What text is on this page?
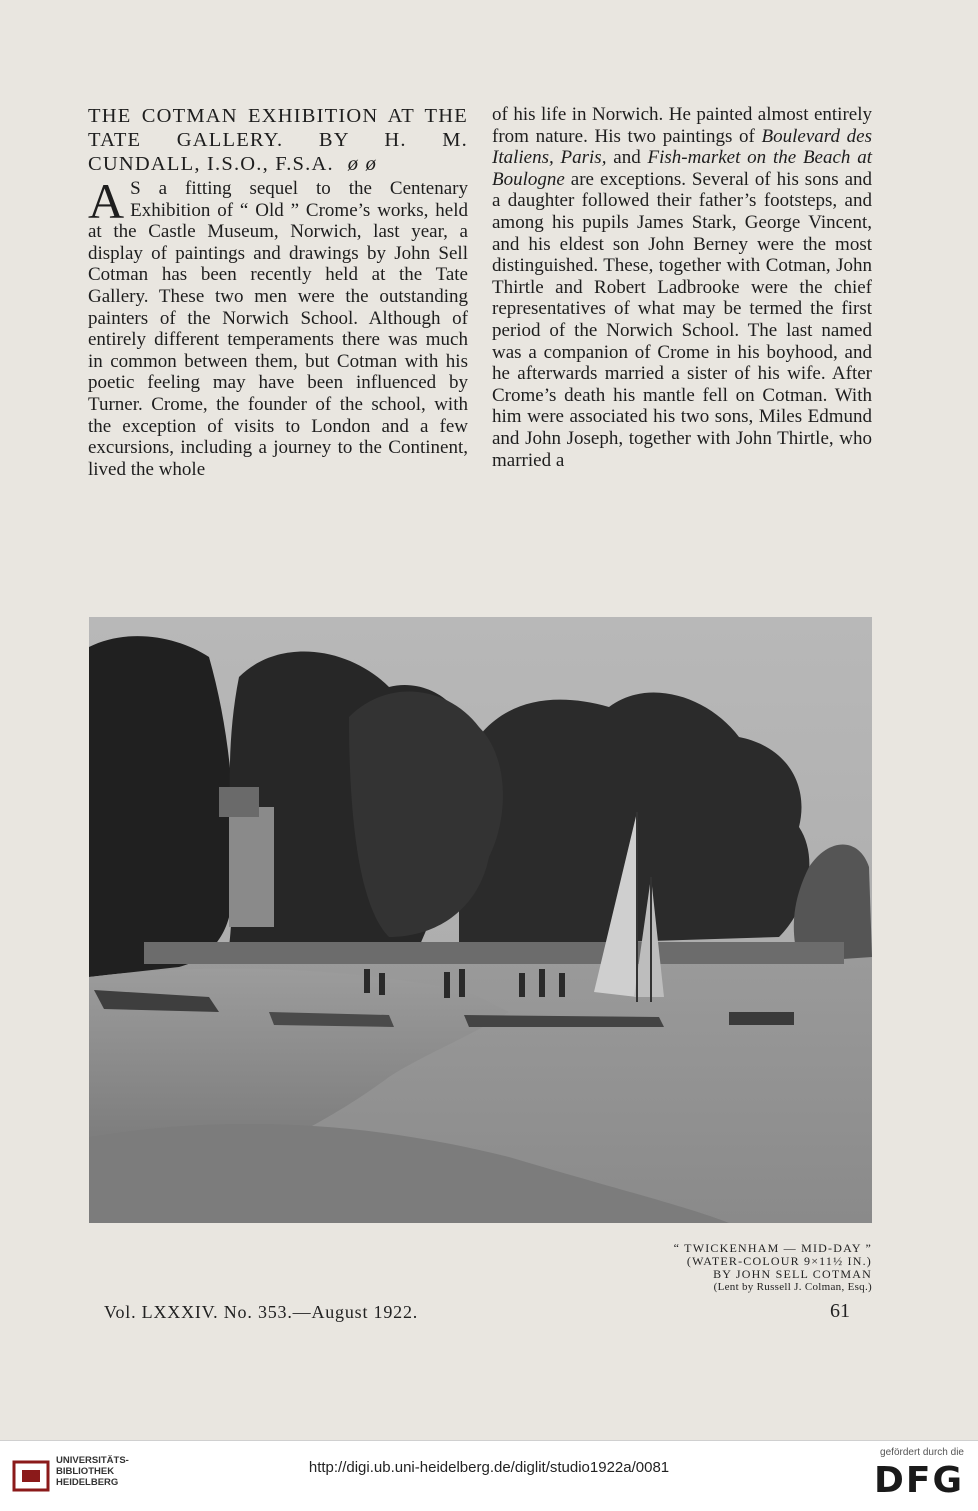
THE COTMAN EXHIBITION AT THE TATE GALLERY. BY H. M. CUNDALL, I.S.O., F.S.A. ø ø

A S a fitting sequel to the Centenary Exhibition of “ Old ” Crome’s works, held at the Castle Museum, Norwich, last year, a display of paintings and drawings by John Sell Cotman has been recently held at the Tate Gallery. These two men were the outstanding painters of the Norwich School. Although of entirely different temperaments there was much in common between them, but Cotman with his poetic feeling may have been influenced by Turner. Crome, the founder of the school, with the exception of visits to London and a few excursions, including a journey to the Continent, lived the whole

of his life in Norwich. He painted almost entirely from nature. His two paintings of Boulevard des Italiens, Paris, and Fish-market on the Beach at Boulogne are exceptions. Several of his sons and a daughter followed their father’s footsteps, and among his pupils James Stark, George Vincent, and his eldest son John Berney were the most distinguished. These, together with Cotman, John Thirtle and Robert Ladbrooke were the chief representatives of what may be termed the first period of the Norwich School. The last named was a companion of Crome in his boyhood, and he afterwards married a sister of his wife. After Crome’s death his mantle fell on Cotman. With him were associated his two sons, Miles Edmund and John Joseph, together with John Thirtle, who married a

“ TWICKENHAM — MID-DAY ”
(WATER-COLOUR 9×11½ IN.)
BY JOHN SELL COTMAN
(Lent by Russell J. Colman, Esq.)
Vol. LXXXIV. No. 353.—August 1922.	61
UNIVERSITÄTS-
BIBLIOTHEK
HEIDELBERG
http://digi.ub.uni-heidelberg.de/diglit/studio1922a/0081
gefördert durch die
DFG
